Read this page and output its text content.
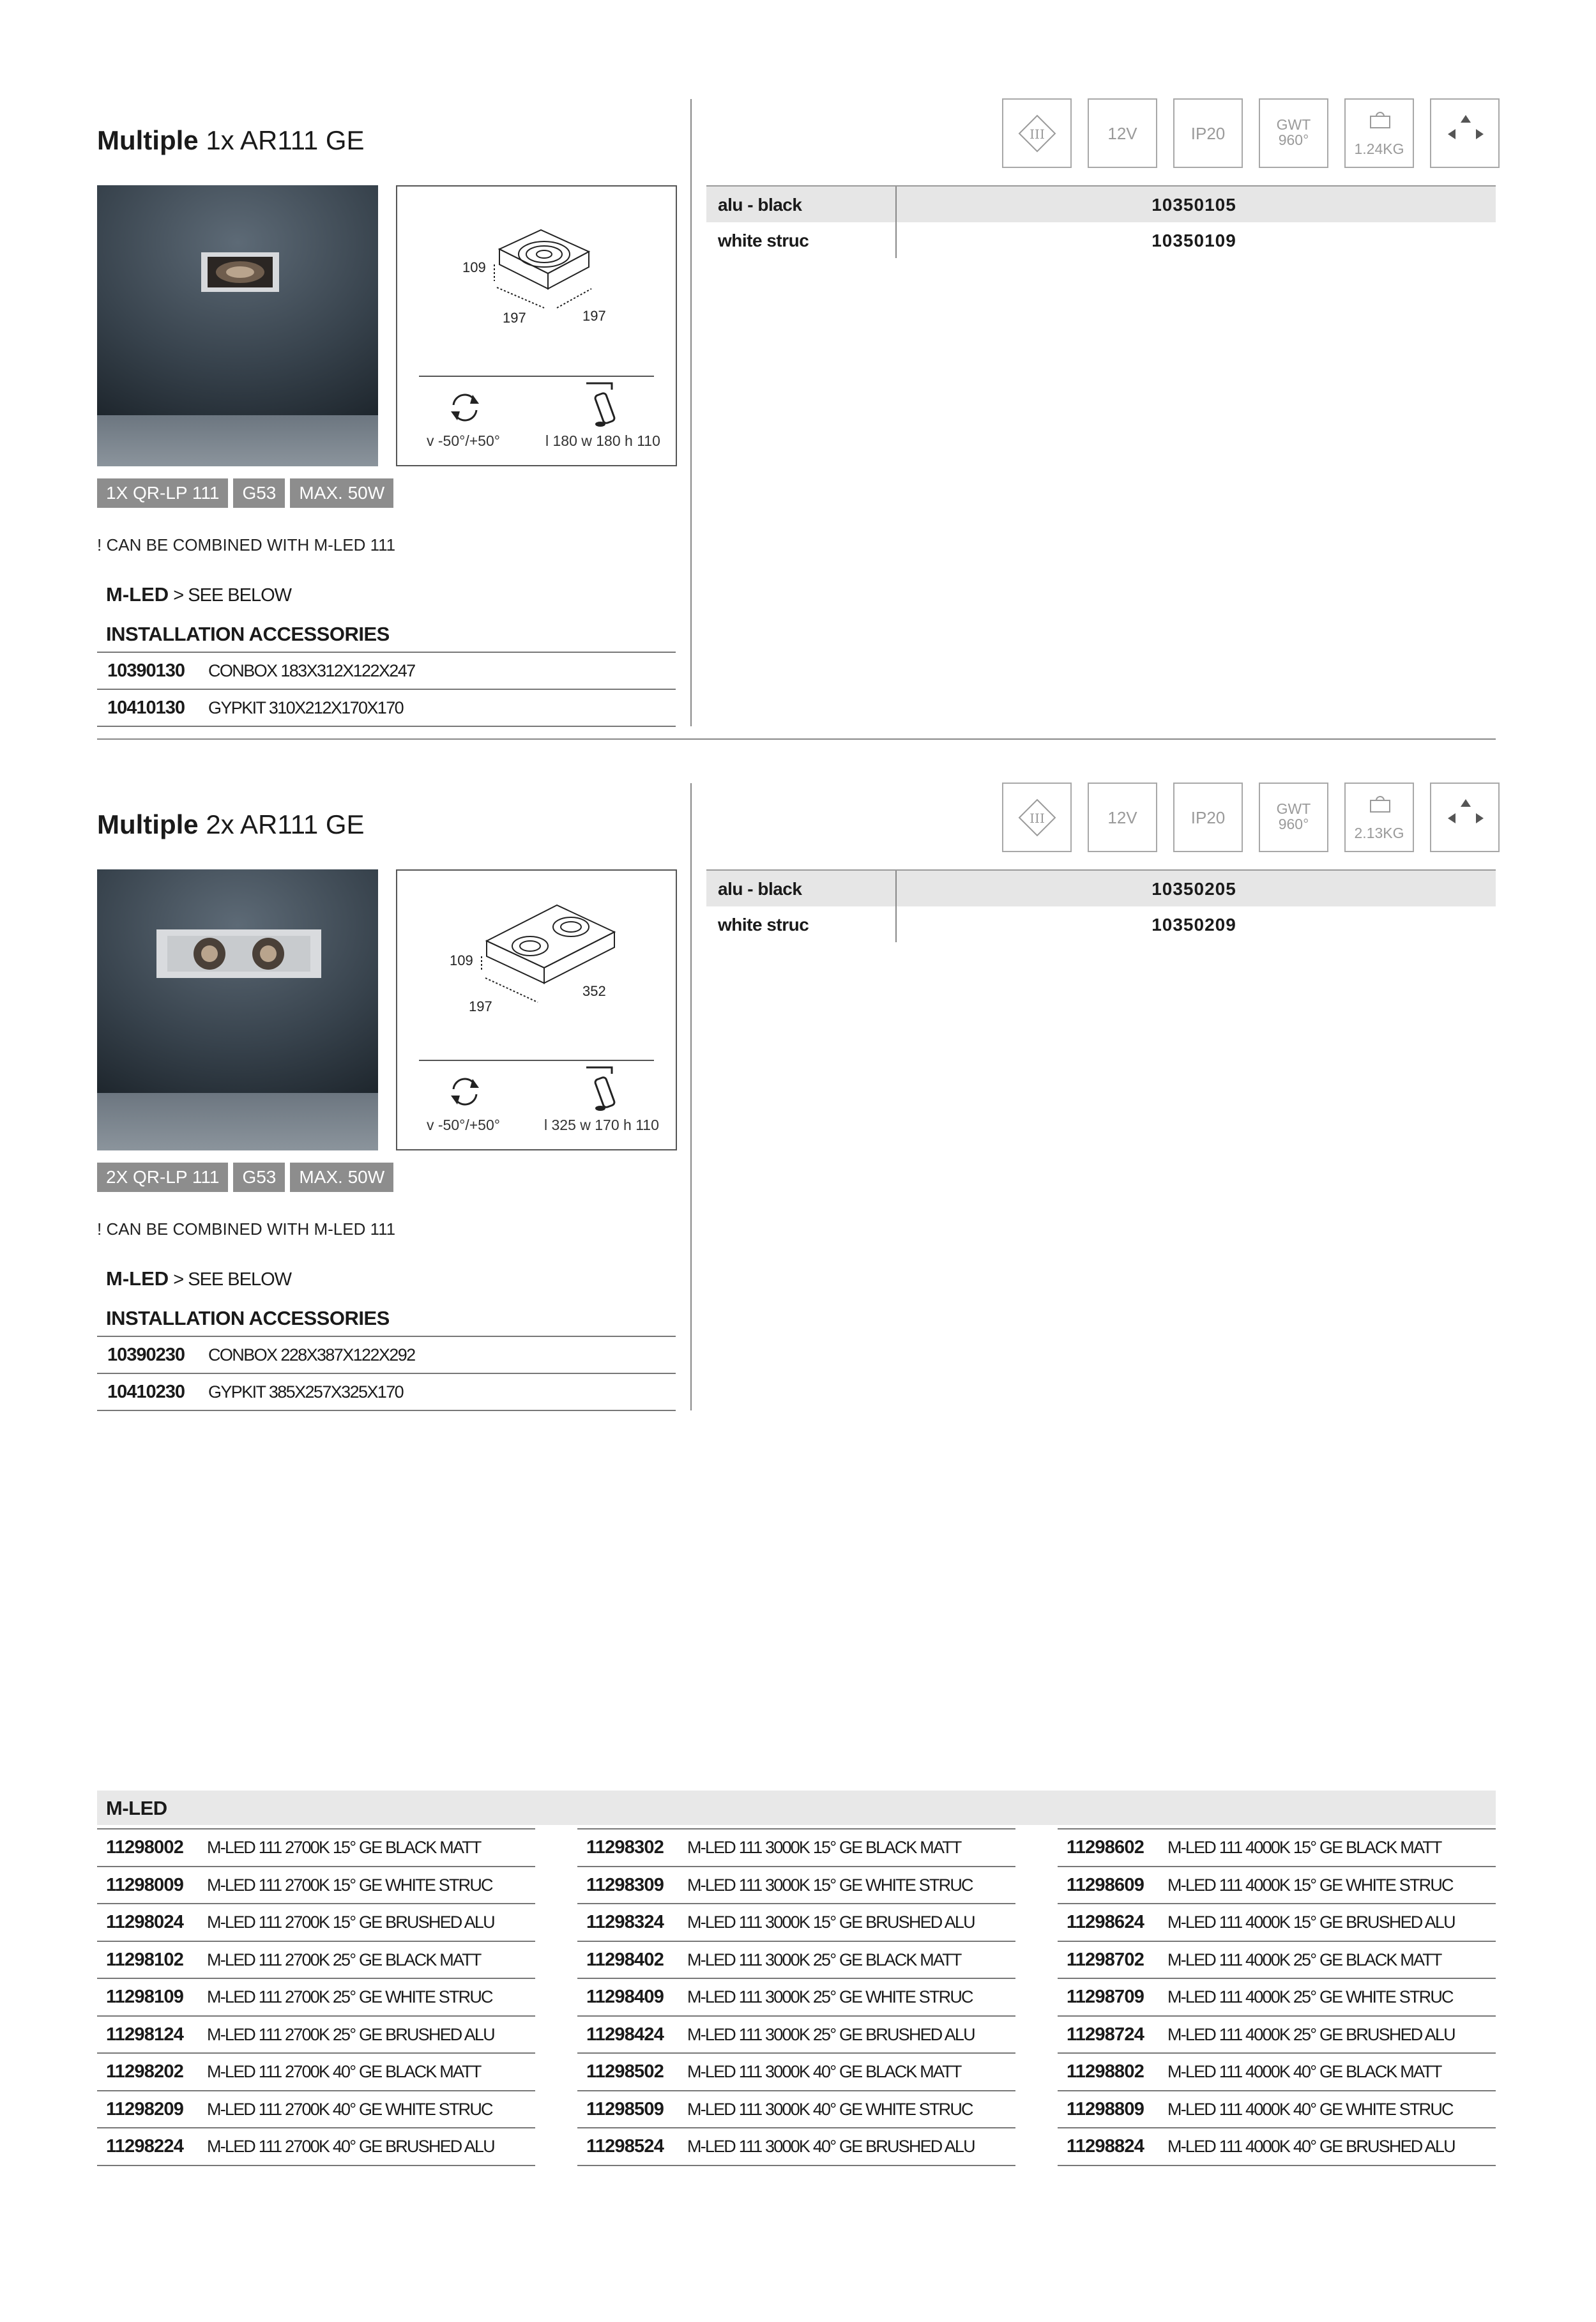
Multiple 1x AR111 GE
109
197	197
v -50°/+50°	l 180 w 180 h 110
1X QR-LP 111	G53	MAX. 50W
! CAN BE COMBINED WITH M-LED 111
M-LED > SEE BELOW
INSTALLATION ACCESSORIES
10390130 CONBOX 183X312X122X247
10410130 GYPKIT 310X212X170X170
III	12V	IP20	GWT
960°
1.24KG
alu - black	10350105
white struc	10350109
Multiple 2x AR111 GE
109
197
352
v -50°/+50°	l 325 w 170 h 110
2X QR-LP 111	G53	MAX. 50W
! CAN BE COMBINED WITH M-LED 111
M-LED > SEE BELOW
INSTALLATION ACCESSORIES
10390230 CONBOX 228X387X122X292
10410230 GYPKIT 385X257X325X170
III	12V	IP20	GWT
960°
2.13KG
alu - black	10350205
white struc	10350209
M-LED
11298002 M-LED 111 2700K 15° GE BLACK MATT
11298009 M-LED 111 2700K 15° GE WHITE STRUC
11298024 M-LED 111 2700K 15° GE BRUSHED ALU
11298102 M-LED 111 2700K 25° GE BLACK MATT
11298109 M-LED 111 2700K 25° GE WHITE STRUC
11298124 M-LED 111 2700K 25° GE BRUSHED ALU
11298202 M-LED 111 2700K 40° GE BLACK MATT
11298209 M-LED 111 2700K 40° GE WHITE STRUC
11298224 M-LED 111 2700K 40° GE BRUSHED ALU
11298302 M-LED 111 3000K 15° GE BLACK MATT
11298309 M-LED 111 3000K 15° GE WHITE STRUC
11298324 M-LED 111 3000K 15° GE BRUSHED ALU
11298402 M-LED 111 3000K 25° GE BLACK MATT
11298409 M-LED 111 3000K 25° GE WHITE STRUC
11298424 M-LED 111 3000K 25° GE BRUSHED ALU
11298502 M-LED 111 3000K 40° GE BLACK MATT
11298509 M-LED 111 3000K 40° GE WHITE STRUC
11298524 M-LED 111 3000K 40° GE BRUSHED ALU
11298602 M-LED 111 4000K 15° GE BLACK MATT
11298609 M-LED 111 4000K 15° GE WHITE STRUC
11298624 M-LED 111 4000K 15° GE BRUSHED ALU
11298702 M-LED 111 4000K 25° GE BLACK MATT
11298709 M-LED 111 4000K 25° GE WHITE STRUC
11298724 M-LED 111 4000K 25° GE BRUSHED ALU
11298802 M-LED 111 4000K 40° GE BLACK MATT
11298809 M-LED 111 4000K 40° GE WHITE STRUC
11298824 M-LED 111 4000K 40° GE BRUSHED ALU
